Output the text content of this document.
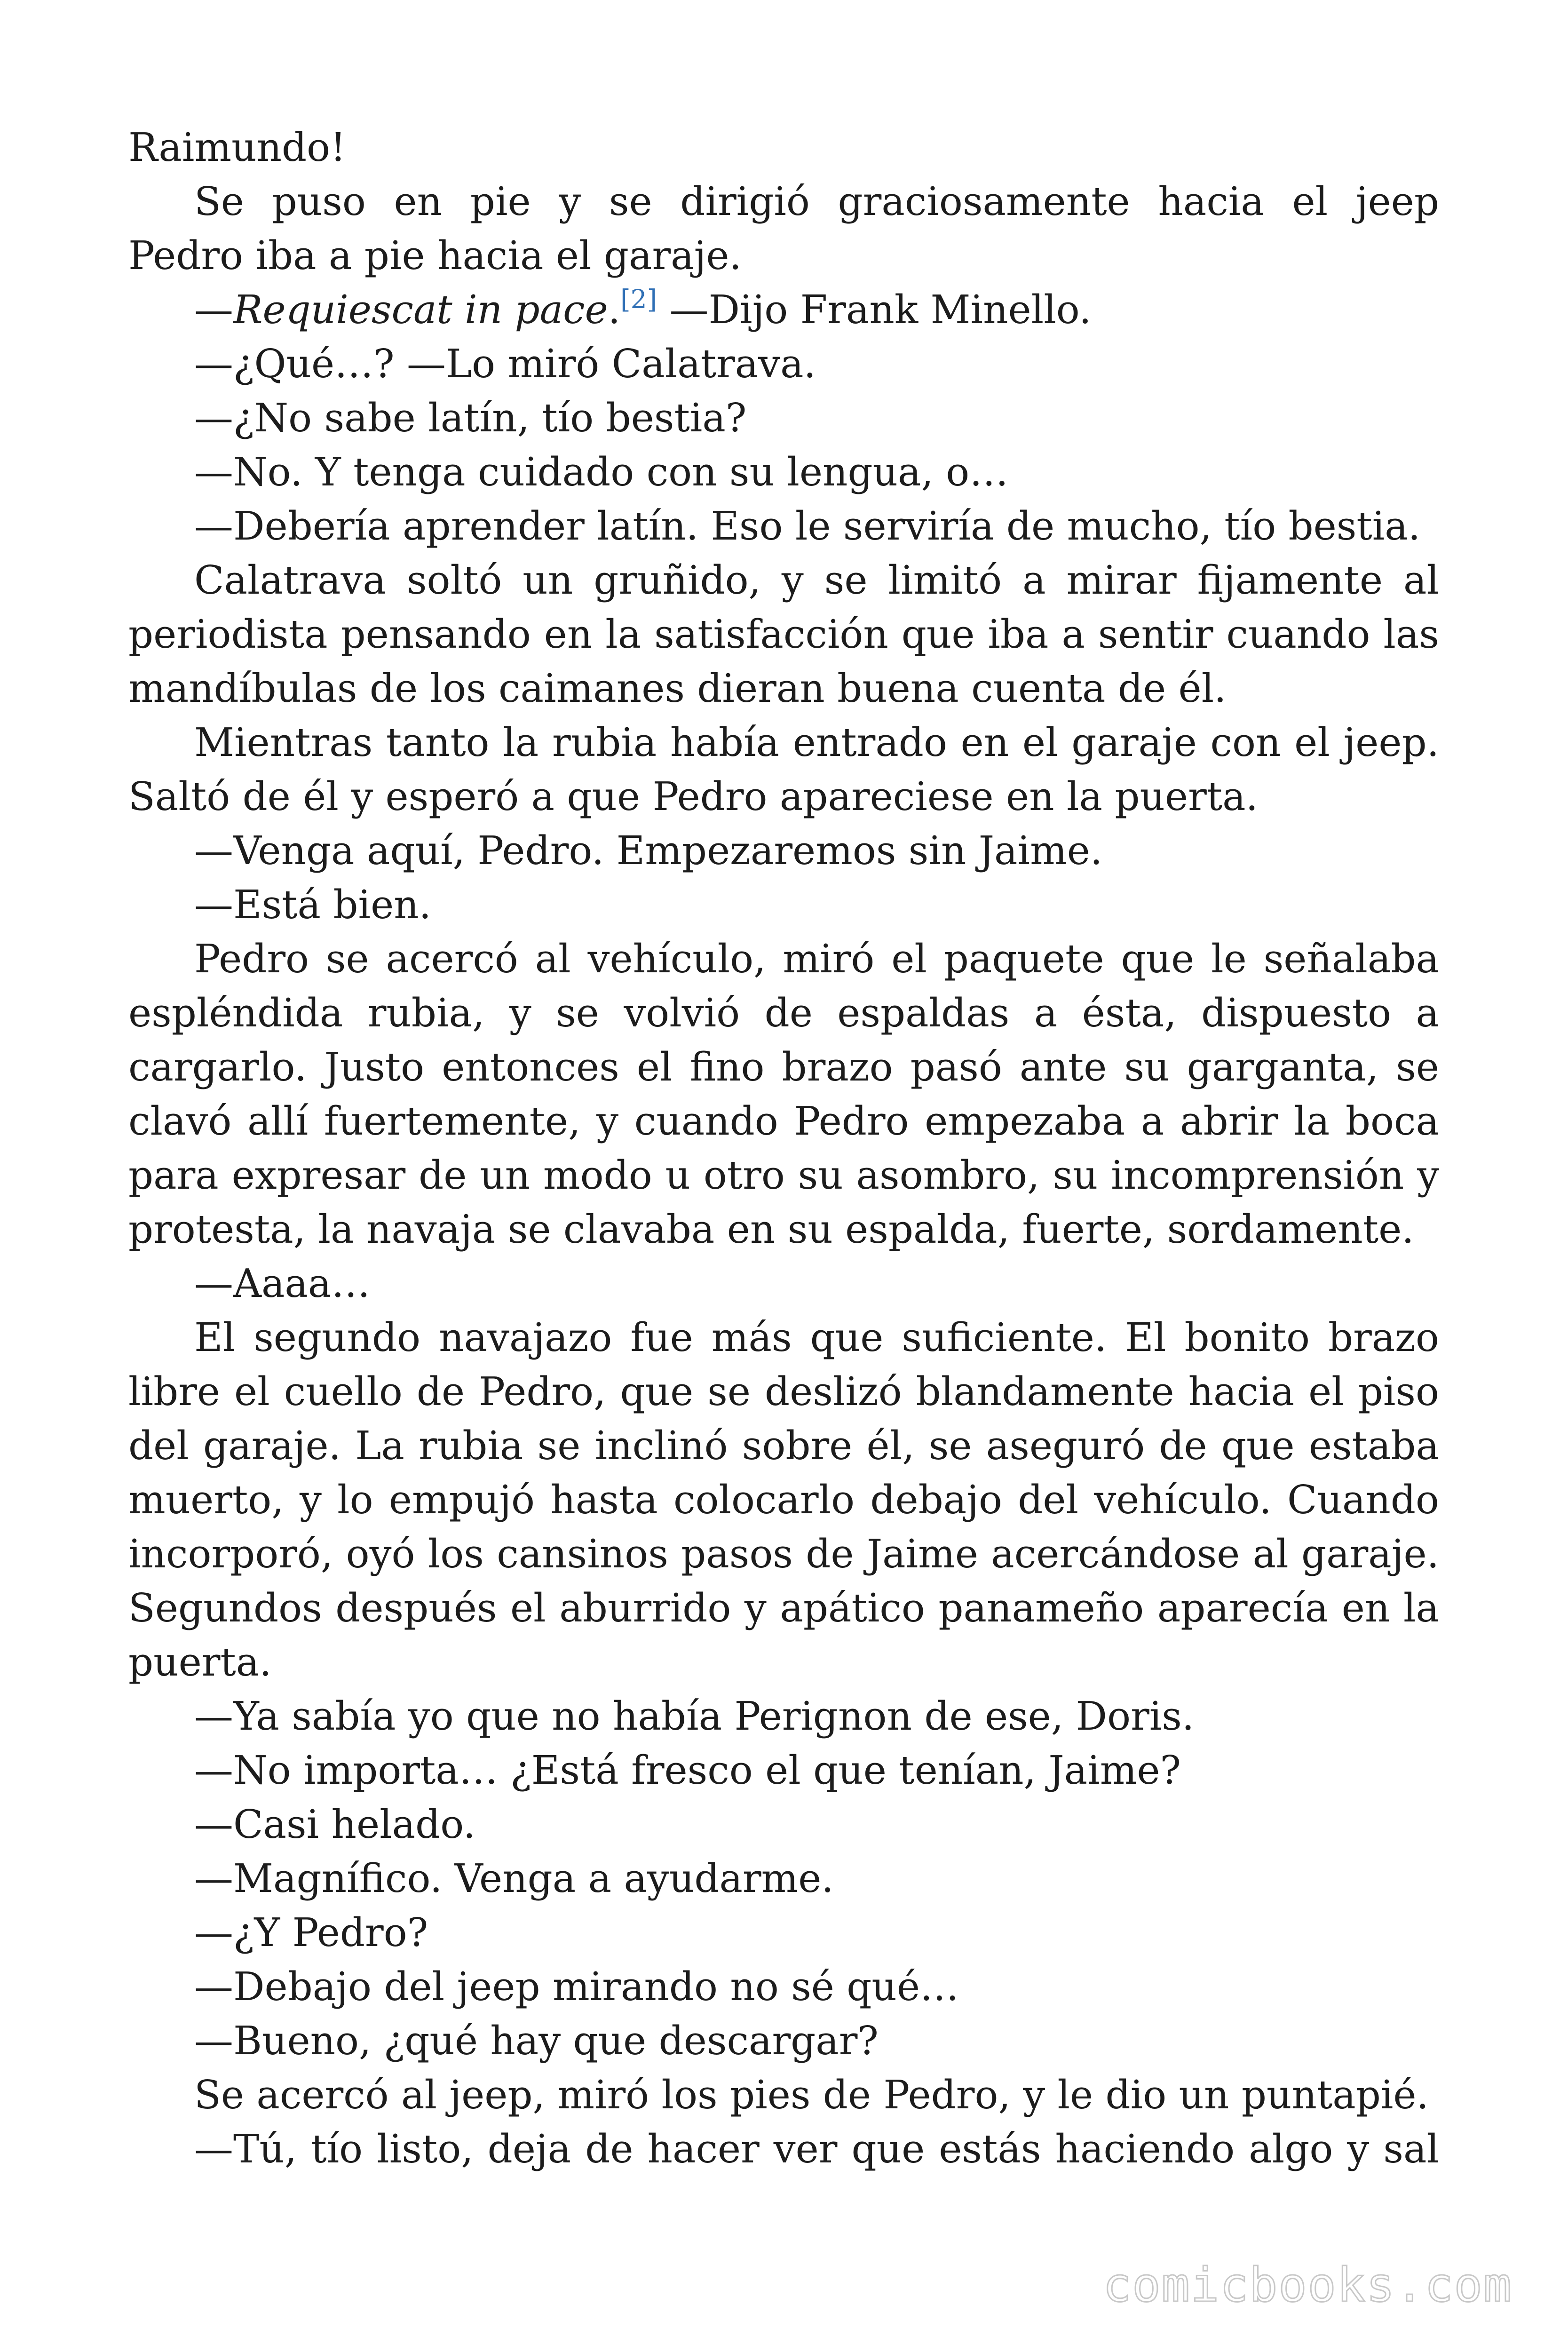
Raimundo!
Se puso en pie y se dirigió graciosamente hacia el jeep
Pedro iba a pie hacia el garaje.
—Requiescat in pace.[2] —Dijo Frank Minello.
—¿Qué…? —Lo miró Calatrava.
—¿No sabe latín, tío bestia?
—No. Y tenga cuidado con su lengua, o…
—Debería aprender latín. Eso le serviría de mucho, tío bestia.
Calatrava soltó un gruñido, y se limitó a mirar fijamente al
periodista pensando en la satisfacción que iba a sentir cuando las
mandíbulas de los caimanes dieran buena cuenta de él.
Mientras tanto la rubia había entrado en el garaje con el jeep.
Saltó de él y esperó a que Pedro apareciese en la puerta.
—Venga aquí, Pedro. Empezaremos sin Jaime.
—Está bien.
Pedro se acercó al vehículo, miró el paquete que le señalaba
espléndida rubia, y se volvió de espaldas a ésta, dispuesto a
cargarlo. Justo entonces el fino brazo pasó ante su garganta, se
clavó allí fuertemente, y cuando Pedro empezaba a abrir la boca
para expresar de un modo u otro su asombro, su incomprensión y
protesta, la navaja se clavaba en su espalda, fuerte, sordamente.
—Aaaa…
El segundo navajazo fue más que suficiente. El bonito brazo
libre el cuello de Pedro, que se deslizó blandamente hacia el piso
del garaje. La rubia se inclinó sobre él, se aseguró de que estaba
muerto, y lo empujó hasta colocarlo debajo del vehículo. Cuando
incorporó, oyó los cansinos pasos de Jaime acercándose al garaje.
Segundos después el aburrido y apático panameño aparecía en la
puerta.
—Ya sabía yo que no había Perignon de ese, Doris.
—No importa… ¿Está fresco el que tenían, Jaime?
—Casi helado.
—Magnífico. Venga a ayudarme.
—¿Y Pedro?
—Debajo del jeep mirando no sé qué…
—Bueno, ¿qué hay que descargar?
Se acercó al jeep, miró los pies de Pedro, y le dio un puntapié.
—Tú, tío listo, deja de hacer ver que estás haciendo algo y sal
comicbooks.com
